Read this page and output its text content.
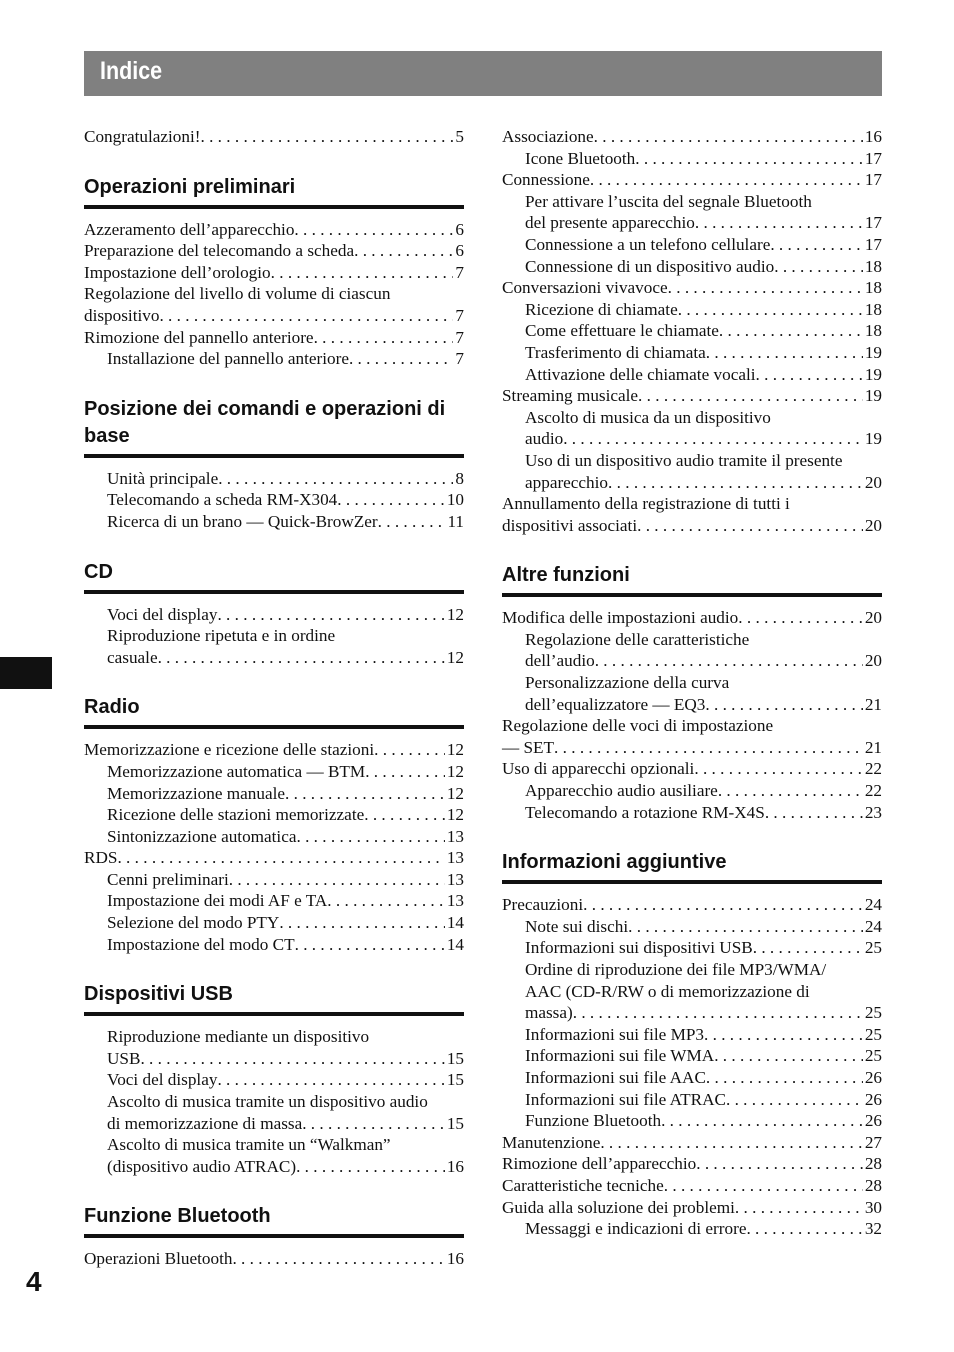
Indice
Congratulazioni! . . .	5
Operazioni preliminari
Azzeramento dell’apparecchio . . .	6
Preparazione del telecomando a scheda . . .	6
Impostazione dell’orologio . . .	7
Regolazione del livello di volume di ciascun
dispositivo . . .	7
Rimozione del pannello anteriore . . .	7
Installazione del pannello anteriore . . .	7
Posizione dei comandi e operazioni di base
Unità principale . . .	8
Telecomando a scheda RM-X304 . . .	10
Ricerca di un brano — Quick-BrowZer . . .	11
CD
Voci del display . . .	12
Riproduzione ripetuta e in ordine
casuale . . .	12
Radio
Memorizzazione e ricezione delle stazioni . . .	12
Memorizzazione automatica — BTM . . .	12
Memorizzazione manuale . . .	12
Ricezione delle stazioni memorizzate . . .	12
Sintonizzazione automatica . . .	13
RDS . . .	13
Cenni preliminari . . .	13
Impostazione dei modi AF e TA . . .	13
Selezione del modo PTY . . .	14
Impostazione del modo CT . . .	14
Dispositivi USB
Riproduzione mediante un dispositivo
USB . . .	15
Voci del display . . .	15
Ascolto di musica tramite un dispositivo audio
di memorizzazione di massa . . .	15
Ascolto di musica tramite un “Walkman”
(dispositivo audio ATRAC) . . .	16
Funzione Bluetooth
Operazioni Bluetooth . . .	16
Associazione . . .	16
Icone Bluetooth . . .	17
Connessione . . .	17
Per attivare l’uscita del segnale Bluetooth
del presente apparecchio . . .	17
Connessione a un telefono cellulare . . .	17
Connessione di un dispositivo audio . . .	18
Conversazioni vivavoce . . .	18
Ricezione di chiamate . . .	18
Come effettuare le chiamate . . .	18
Trasferimento di chiamata . . .	19
Attivazione delle chiamate vocali . . .	19
Streaming musicale . . .	19
Ascolto di musica da un dispositivo
audio . . .	19
Uso di un dispositivo audio tramite il presente
apparecchio . . .	20
Annullamento della registrazione di tutti i
dispositivi associati . . .	20
Altre funzioni
Modifica delle impostazioni audio . . .	20
Regolazione delle caratteristiche
dell’audio . . .	20
Personalizzazione della curva
dell’equalizzatore — EQ3 . . .	21
Regolazione delle voci di impostazione
— SET . . .	21
Uso di apparecchi opzionali . . .	22
Apparecchio audio ausiliare . . .	22
Telecomando a rotazione RM-X4S . . .	23
Informazioni aggiuntive
Precauzioni . . .	24
Note sui dischi . . .	24
Informazioni sui dispositivi USB . . .	25
Ordine di riproduzione dei file MP3/WMA/
AAC (CD-R/RW o di memorizzazione di
massa) . . .	25
Informazioni sui file MP3 . . .	25
Informazioni sui file WMA . . .	25
Informazioni sui file AAC . . .	26
Informazioni sui file ATRAC . . .	26
Funzione Bluetooth . . .	26
Manutenzione . . .	27
Rimozione dell’apparecchio . . .	28
Caratteristiche tecniche . . .	28
Guida alla soluzione dei problemi . . .	30
Messaggi e indicazioni di errore . . .	32
4
